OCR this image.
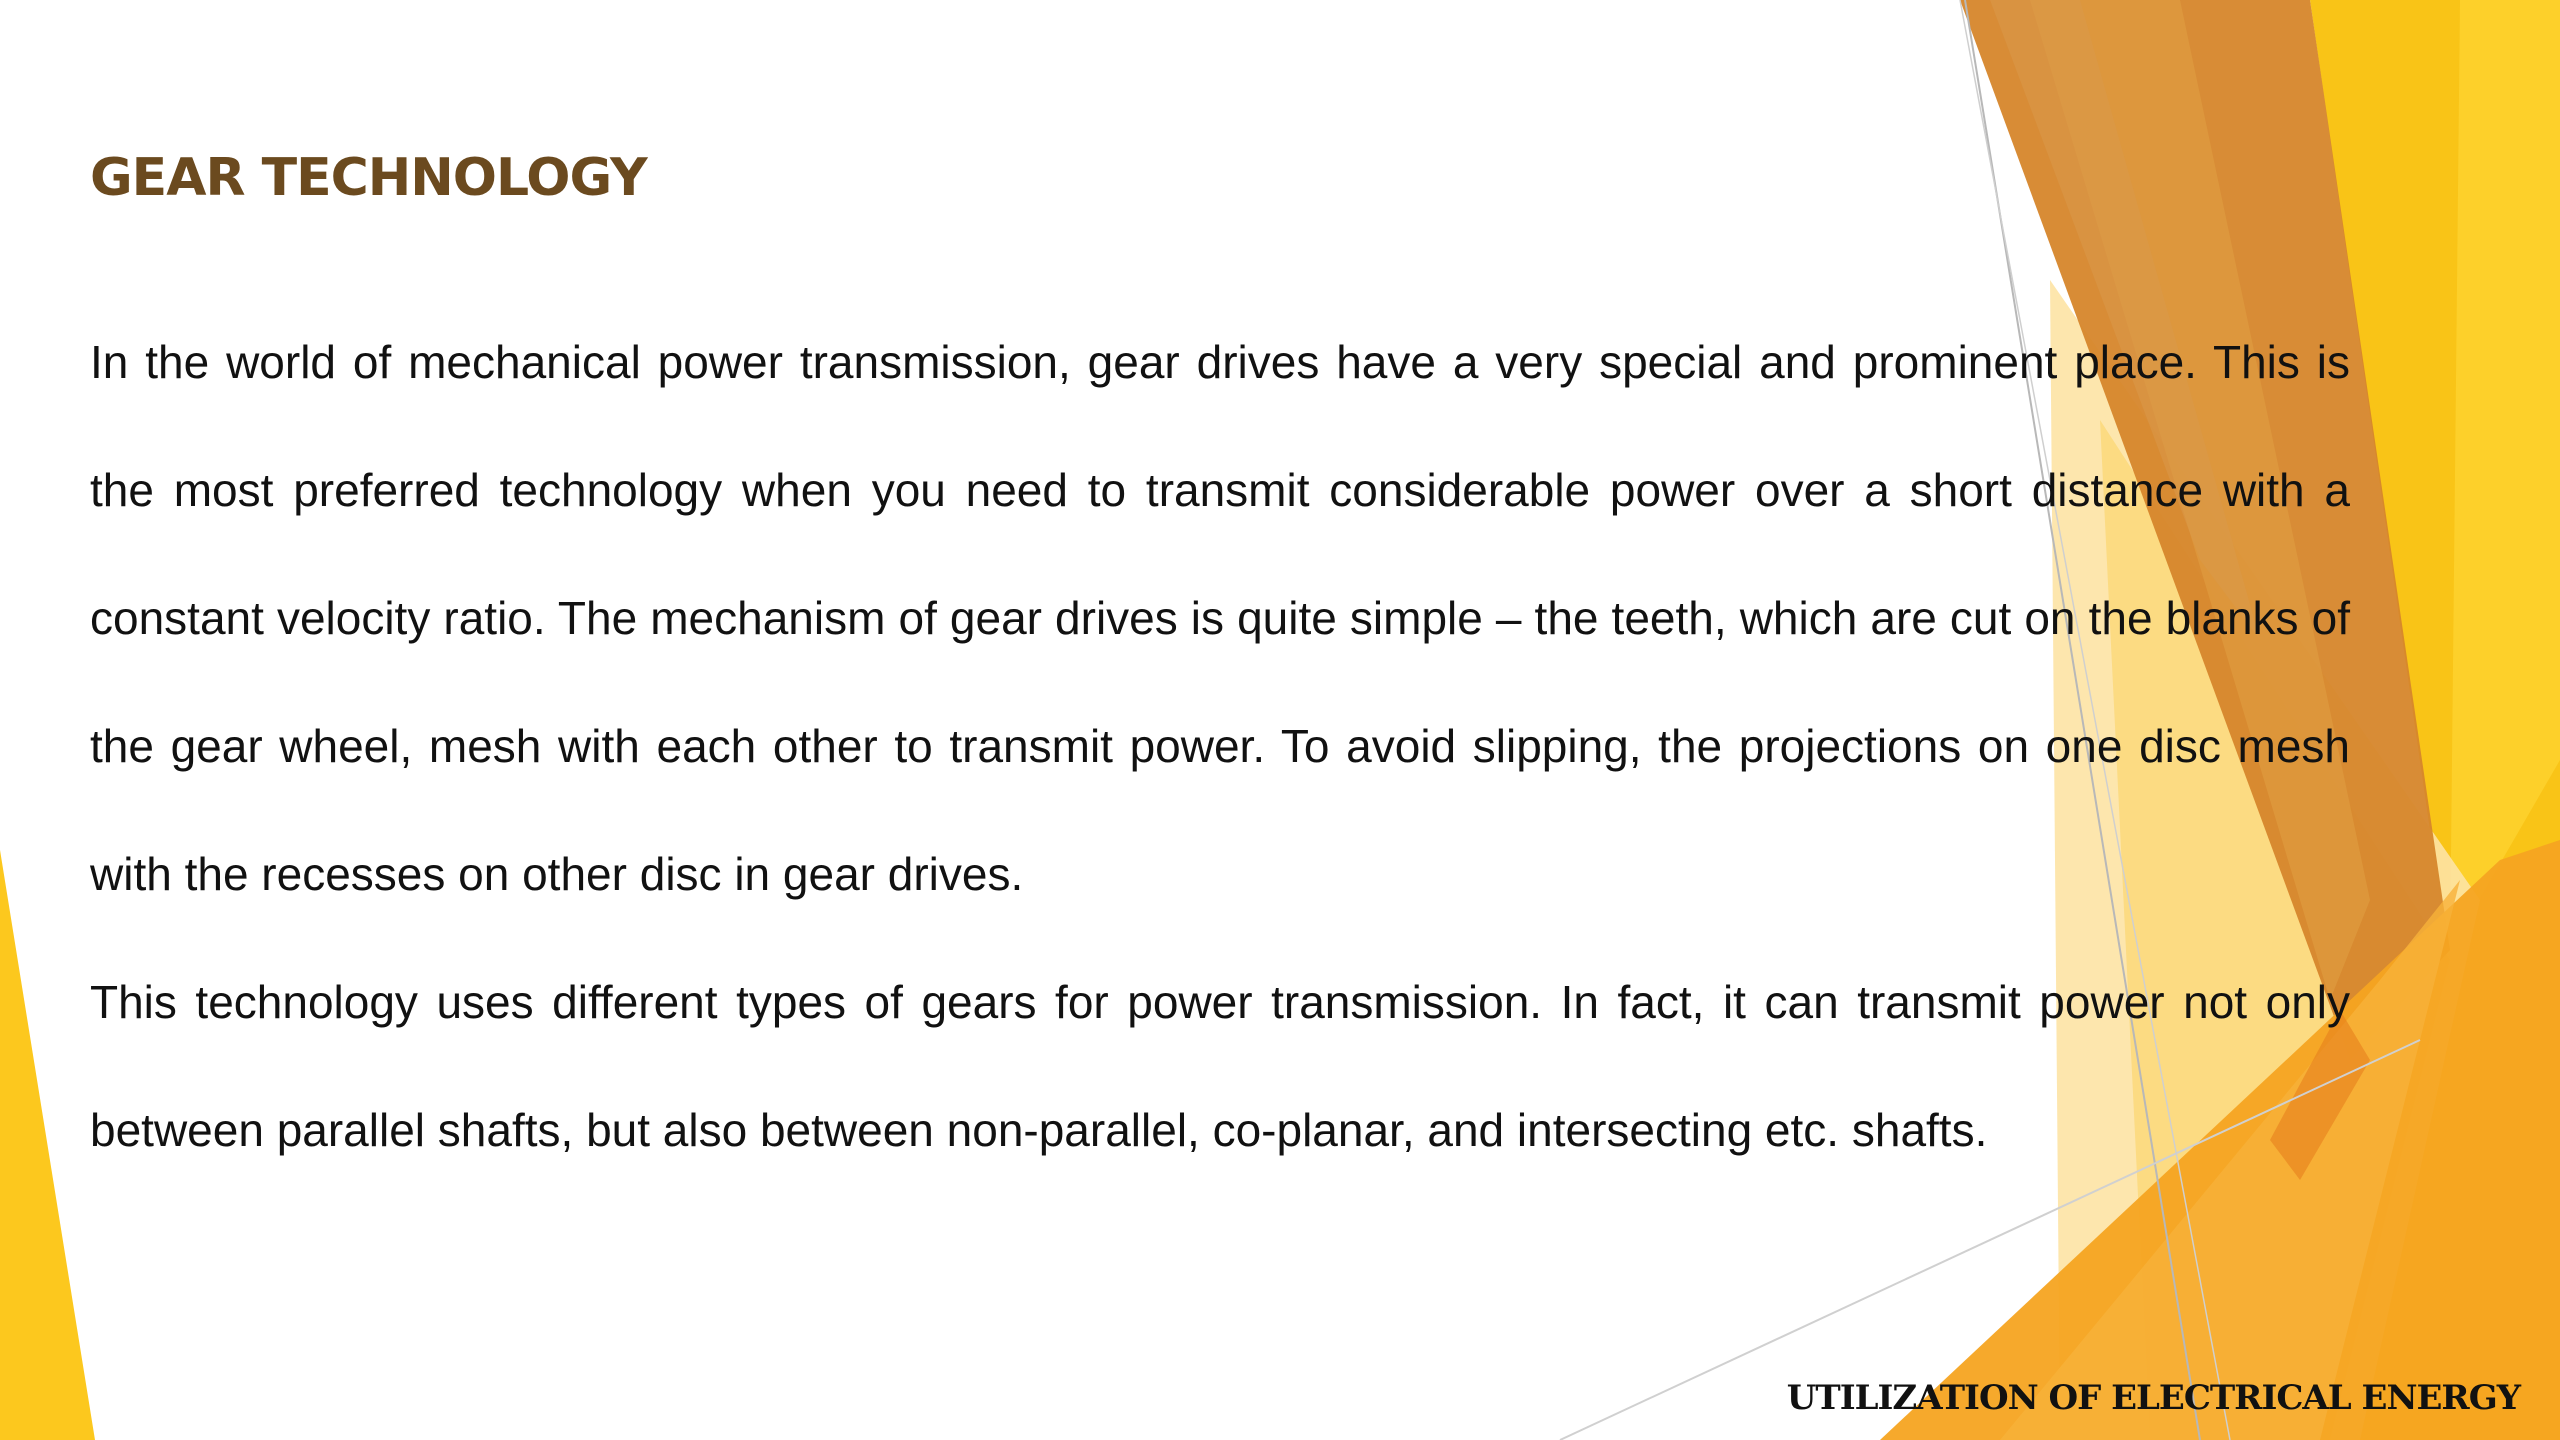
GEAR TECHNOLOGY

In the world of mechanical power transmission, gear drives have a very special and prominent place. This is the most preferred technology when you need to transmit considerable power over a short distance with a constant velocity ratio. The mechanism of gear drives is quite simple – the teeth, which are cut on the blanks of the gear wheel, mesh with each other to transmit power. To avoid slipping, the projections on one disc mesh with the recesses on other disc in gear drives.

This technology uses different types of gears for power transmission. In fact, it can transmit power not only between parallel shafts, but also between non-parallel, co-planar, and intersecting etc. shafts.

UTILIZATION OF ELECTRICAL ENERGY
